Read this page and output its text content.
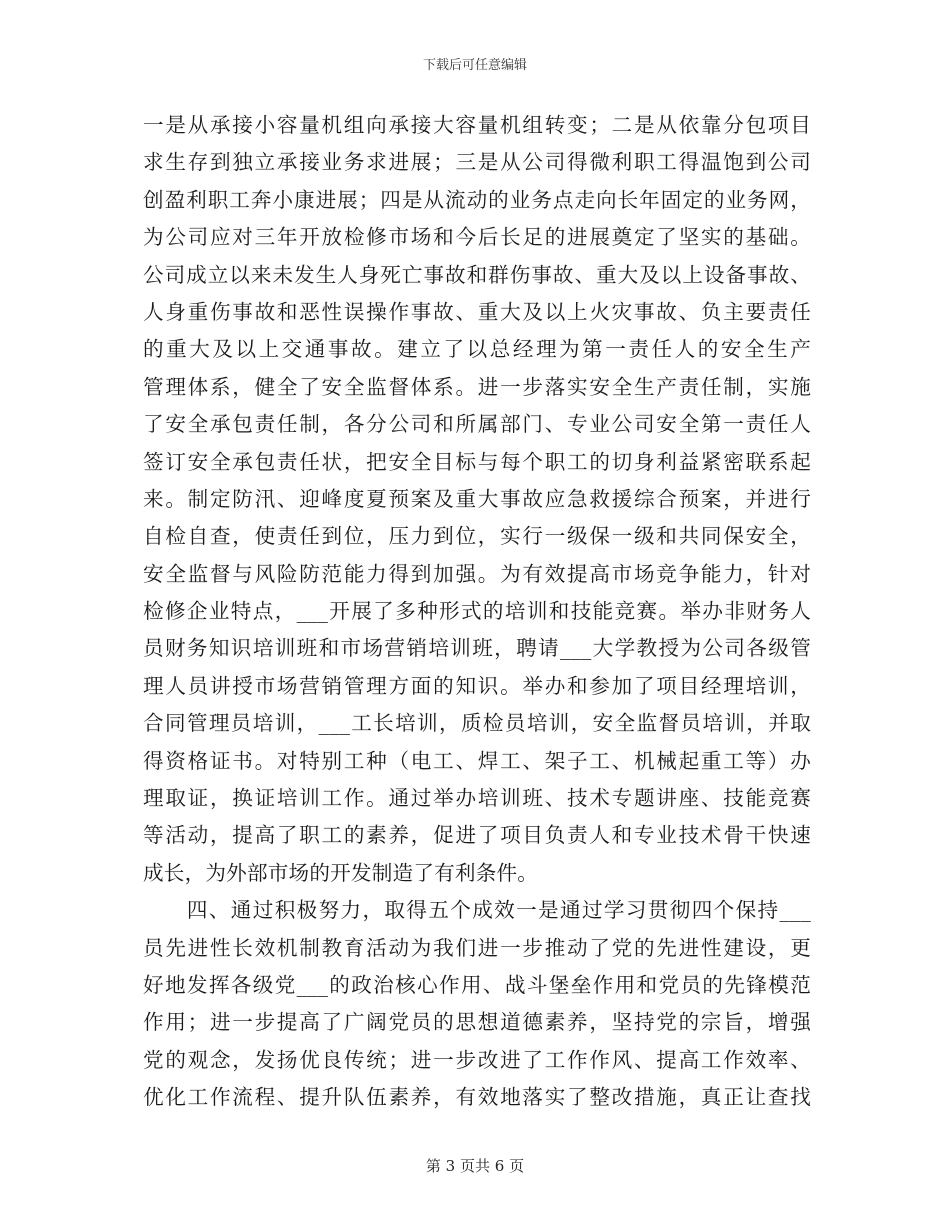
下载后可任意编辑
一是从承接小容量机组向承接大容量机组转变；二是从依靠分包项目
求生存到独立承接业务求进展；三是从公司得微利职工得温饱到公司
创盈利职工奔小康进展；四是从流动的业务点走向长年固定的业务网，
为公司应对三年开放检修市场和今后长足的进展奠定了坚实的基础。
公司成立以来未发生人身死亡事故和群伤事故、重大及以上设备事故、
人身重伤事故和恶性误操作事故、重大及以上火灾事故、负主要责任
的重大及以上交通事故。建立了以总经理为第一责任人的安全生产
管理体系，健全了安全监督体系。进一步落实安全生产责任制，实施
了安全承包责任制，各分公司和所属部门、专业公司安全第一责任人
签订安全承包责任状，把安全目标与每个职工的切身利益紧密联系起
来。制定防汛、迎峰度夏预案及重大事故应急救援综合预案，并进行
自检自查，使责任到位，压力到位，实行一级保一级和共同保安全，
安全监督与风险防范能力得到加强。为有效提高市场竞争能力，针对
检修企业特点，___开展了多种形式的培训和技能竞赛。举办非财务人
员财务知识培训班和市场营销培训班，聘请___大学教授为公司各级管
理人员讲授市场营销管理方面的知识。举办和参加了项目经理培训，
合同管理员培训，___工长培训，质检员培训，安全监督员培训，并取
得资格证书。对特别工种（电工、焊工、架子工、机械起重工等）办
理取证，换证培训工作。通过举办培训班、技术专题讲座、技能竞赛
等活动，提高了职工的素养，促进了项目负责人和专业技术骨干快速
成长，为外部市场的开发制造了有利条件。
　　四、通过积极努力，取得五个成效一是通过学习贯彻四个保持___
员先进性长效机制教育活动为我们进一步推动了党的先进性建设，更
好地发挥各级党___的政治核心作用、战斗堡垒作用和党员的先锋模范
作用；进一步提高了广阔党员的思想道德素养，坚持党的宗旨，增强
党的观念，发扬优良传统；进一步改进了工作作风、提高工作效率、
优化工作流程、提升队伍素养，有效地落实了整改措施，真正让查找
第 3 页共 6 页
